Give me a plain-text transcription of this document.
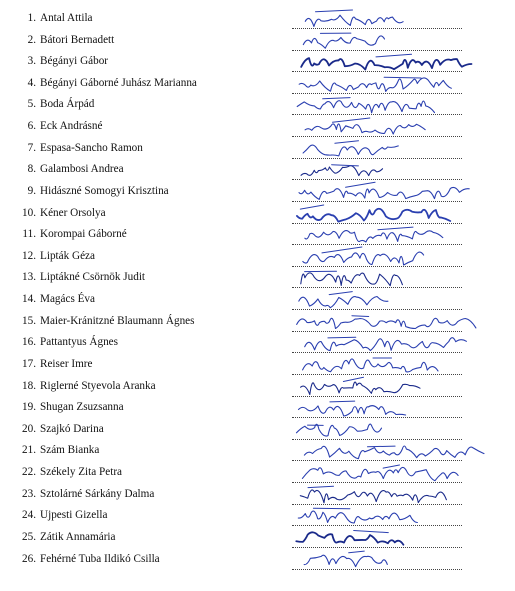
1. Antal Attila
2. Bátori Bernadett
3. Bégányi Gábor
4. Bégányi Gáborné Juhász Marianna
5. Boda Árpád
6. Eck Andrásné
7. Espasa-Sancho Ramon
8. Galambosi Andrea
9. Hidászné Somogyi Krisztina
10. Kéner Orsolya
11. Korompai Gáborné
12. Lipták Géza
13. Liptákné Csörnök Judit
14. Magács Éva
15. Maier-Kránitzné Blaumann Ágnes
16. Pattantyus Ágnes
17. Reiser Imre
18. Riglerné Styevola Aranka
19. Shugan Zsuzsanna
20. Szajkó Darina
21. Szám Bianka
22. Székely Zita Petra
23. Sztolárné Sárkány Dalma
24. Ujpesti Gizella
25. Zátik Annamária
26. Fehérné Tuba Ildikó Csilla
